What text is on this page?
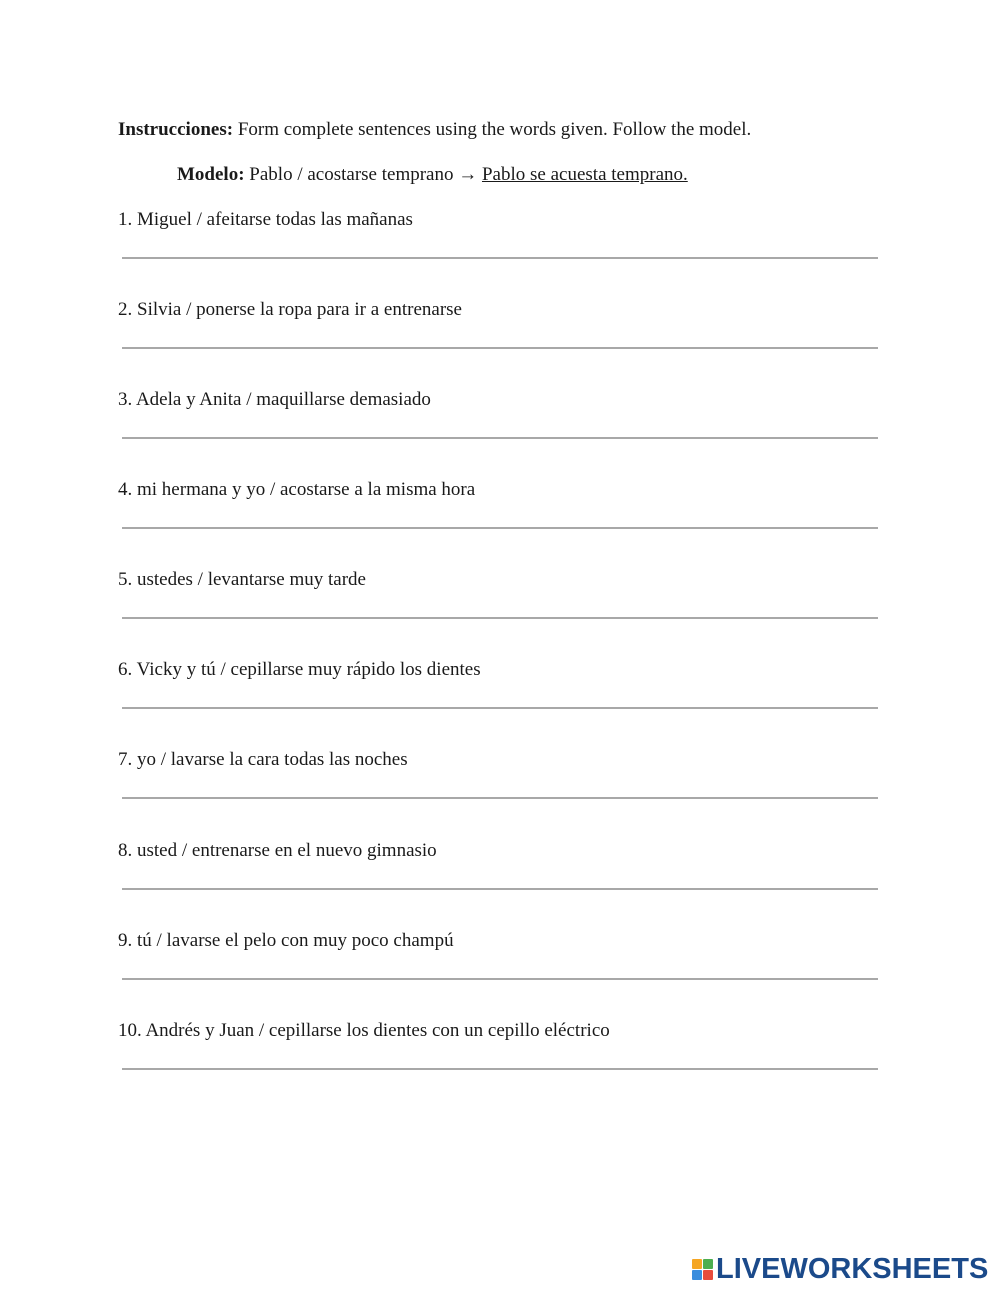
Instrucciones: Form complete sentences using the words given. Follow the model.
Modelo: Pablo / acostarse temprano → Pablo se acuesta temprano.
1. Miguel / afeitarse todas las mañanas
2. Silvia / ponerse la ropa para ir a entrenarse
3. Adela y Anita / maquillarse demasiado
4. mi hermana y yo / acostarse a la misma hora
5. ustedes / levantarse muy tarde
6. Vicky y tú / cepillarse muy rápido los dientes
7. yo / lavarse la cara todas las noches
8. usted / entrenarse en el nuevo gimnasio
9. tú / lavarse el pelo con muy poco champú
10. Andrés y Juan / cepillarse los dientes con un cepillo eléctrico
LIVEWORKSHEETS
